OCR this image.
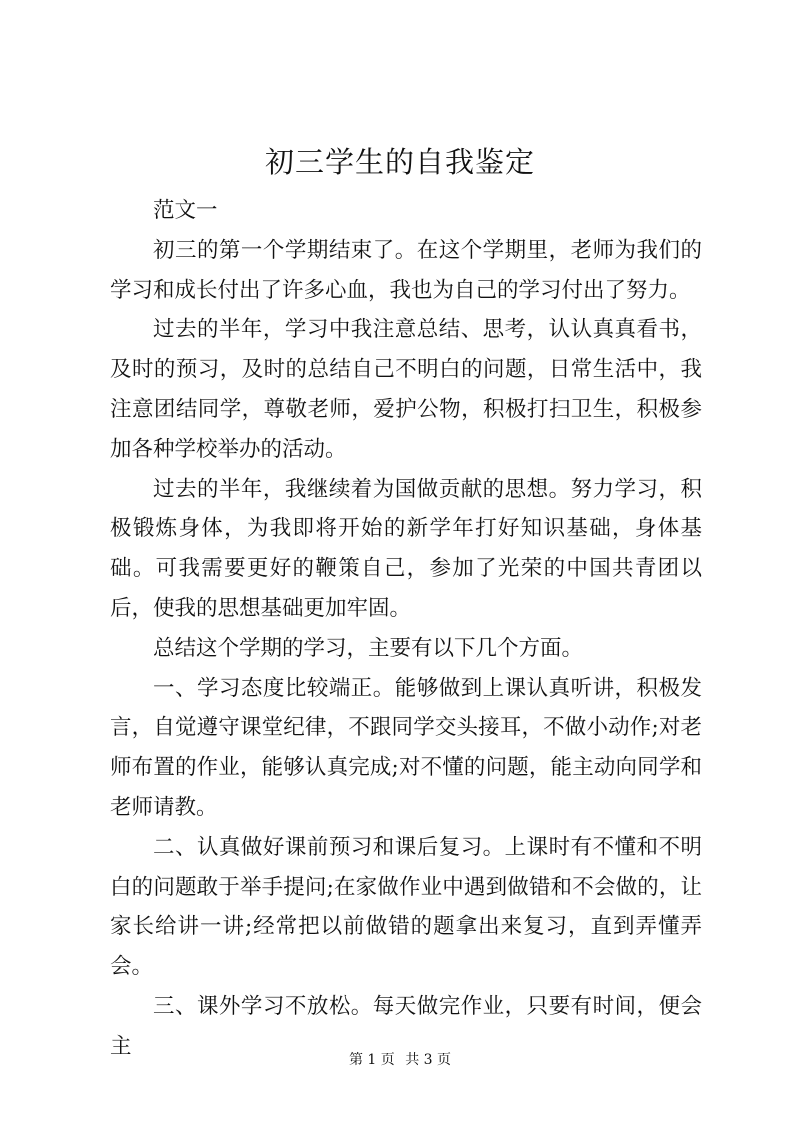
初三学生的自我鉴定

范文一

初三的第一个学期结束了。在这个学期里，老师为我们的学习和成长付出了许多心血，我也为自己的学习付出了努力。

过去的半年，学习中我注意总结、思考，认认真真看书，及时的预习，及时的总结自己不明白的问题，日常生活中，我注意团结同学，尊敬老师，爱护公物，积极打扫卫生，积极参加各种学校举办的活动。

过去的半年，我继续着为国做贡献的思想。努力学习，积极锻炼身体，为我即将开始的新学年打好知识基础，身体基础。可我需要更好的鞭策自己，参加了光荣的中国共青团以后，使我的思想基础更加牢固。

总结这个学期的学习，主要有以下几个方面。

一、学习态度比较端正。能够做到上课认真听讲，积极发言，自觉遵守课堂纪律，不跟同学交头接耳，不做小动作;对老师布置的作业，能够认真完成;对不懂的问题，能主动向同学和老师请教。

二、认真做好课前预习和课后复习。上课时有不懂和不明白的问题敢于举手提问;在家做作业中遇到做错和不会做的，让家长给讲一讲;经常把以前做错的题拿出来复习，直到弄懂弄会。

三、课外学习不放松。每天做完作业，只要有时间，便会主

第 1 页 共 3 页
